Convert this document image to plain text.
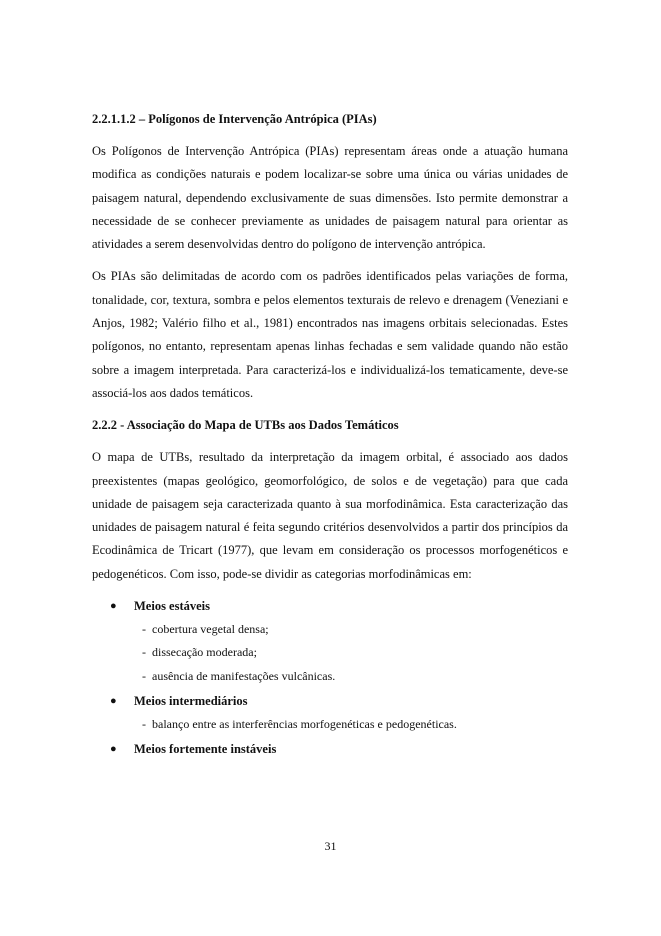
2.2.1.1.2 – Polígonos de Intervenção Antrópica (PIAs)

Os Polígonos de Intervenção Antrópica (PIAs) representam áreas onde a atuação humana modifica as condições naturais e podem localizar-se sobre uma única ou várias unidades de paisagem natural, dependendo exclusivamente de suas dimensões. Isto permite demonstrar a necessidade de se conhecer previamente as unidades de paisagem natural para orientar as atividades a serem desenvolvidas dentro do polígono de intervenção antrópica.

Os PIAs são delimitadas de acordo com os padrões identificados pelas variações de forma, tonalidade, cor, textura, sombra e pelos elementos texturais de relevo e drenagem (Veneziani e Anjos, 1982; Valério filho et al., 1981) encontrados nas imagens orbitais selecionadas. Estes polígonos, no entanto, representam apenas linhas fechadas e sem validade quando não estão sobre a imagem interpretada. Para caracterizá-los e individualizá-los tematicamente, deve-se associá-los aos dados temáticos.

2.2.2 - Associação do Mapa de UTBs aos Dados Temáticos

O mapa de UTBs, resultado da interpretação da imagem orbital, é associado aos dados preexistentes (mapas geológico, geomorfológico, de solos e de vegetação) para que cada unidade de paisagem seja caracterizada quanto à sua morfodinâmica. Esta caracterização das unidades de paisagem natural é feita segundo critérios desenvolvidos a partir dos princípios da Ecodinâmica de Tricart (1977), que levam em consideração os processos morfogenéticos e pedogenéticos. Com isso, pode-se dividir as categorias morfodinâmicas em:

● Meios estáveis
- cobertura vegetal densa;
- dissecação moderada;
- ausência de manifestações vulcânicas.
● Meios intermediários
- balanço entre as interferências morfogenéticas e pedogenéticas.
● Meios fortemente instáveis
31
